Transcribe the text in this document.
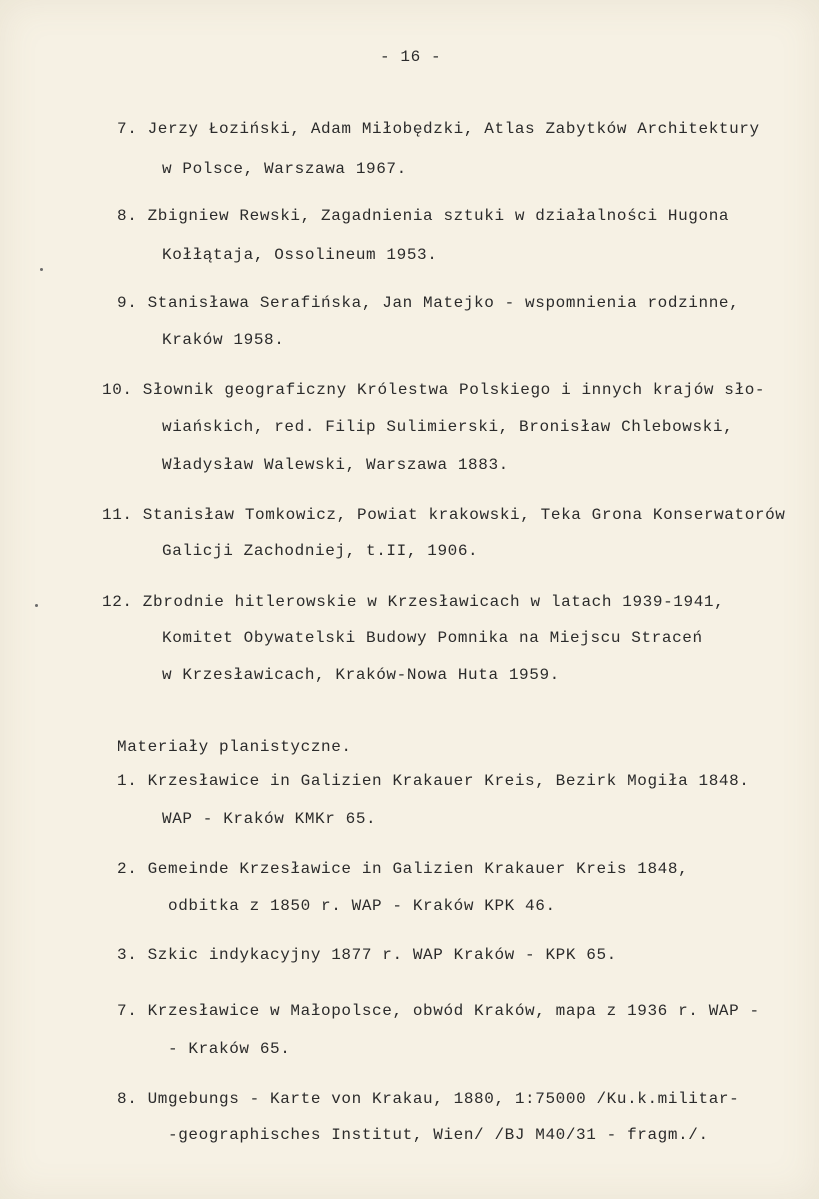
- 16 -
7. Jerzy Łoziński, Adam Miłobędzki, Atlas Zabytków Architektury
w Polsce, Warszawa 1967.
8. Zbigniew Rewski, Zagadnienia sztuki w działalności Hugona
Kołłątaja, Ossolineum 1953.
9. Stanisława Serafińska, Jan Matejko - wspomnienia rodzinne,
Kraków 1958.
10. Słownik geograficzny Królestwa Polskiego i innych krajów sło-
wiańskich, red. Filip Sulimierski, Bronisław Chlebowski,
Władysław Walewski, Warszawa 1883.
11. Stanisław Tomkowicz, Powiat krakowski, Teka Grona Konserwatorów
Galicji Zachodniej, t.II, 1906.
12. Zbrodnie hitlerowskie w Krzesławicach w latach 1939-1941,
Komitet Obywatelski Budowy Pomnika na Miejscu Straceń
w Krzesławicach, Kraków-Nowa Huta 1959.
Materiały planistyczne.
1. Krzesławice in Galizien Krakauer Kreis, Bezirk Mogiła 1848.
WAP - Kraków KMKr 65.
2. Gemeinde Krzesławice in Galizien Krakauer Kreis 1848,
odbitka z 1850 r. WAP - Kraków KPK 46.
3. Szkic indykacyjny 1877 r. WAP Kraków - KPK 65.
7. Krzesławice w Małopolsce, obwód Kraków, mapa z 1936 r. WAP -
- Kraków 65.
8. Umgebungs - Karte von Krakau, 1880, 1:75000 /Ku.k.militar-
-geographisches Institut, Wien/ /BJ M40/31 - fragm./.
